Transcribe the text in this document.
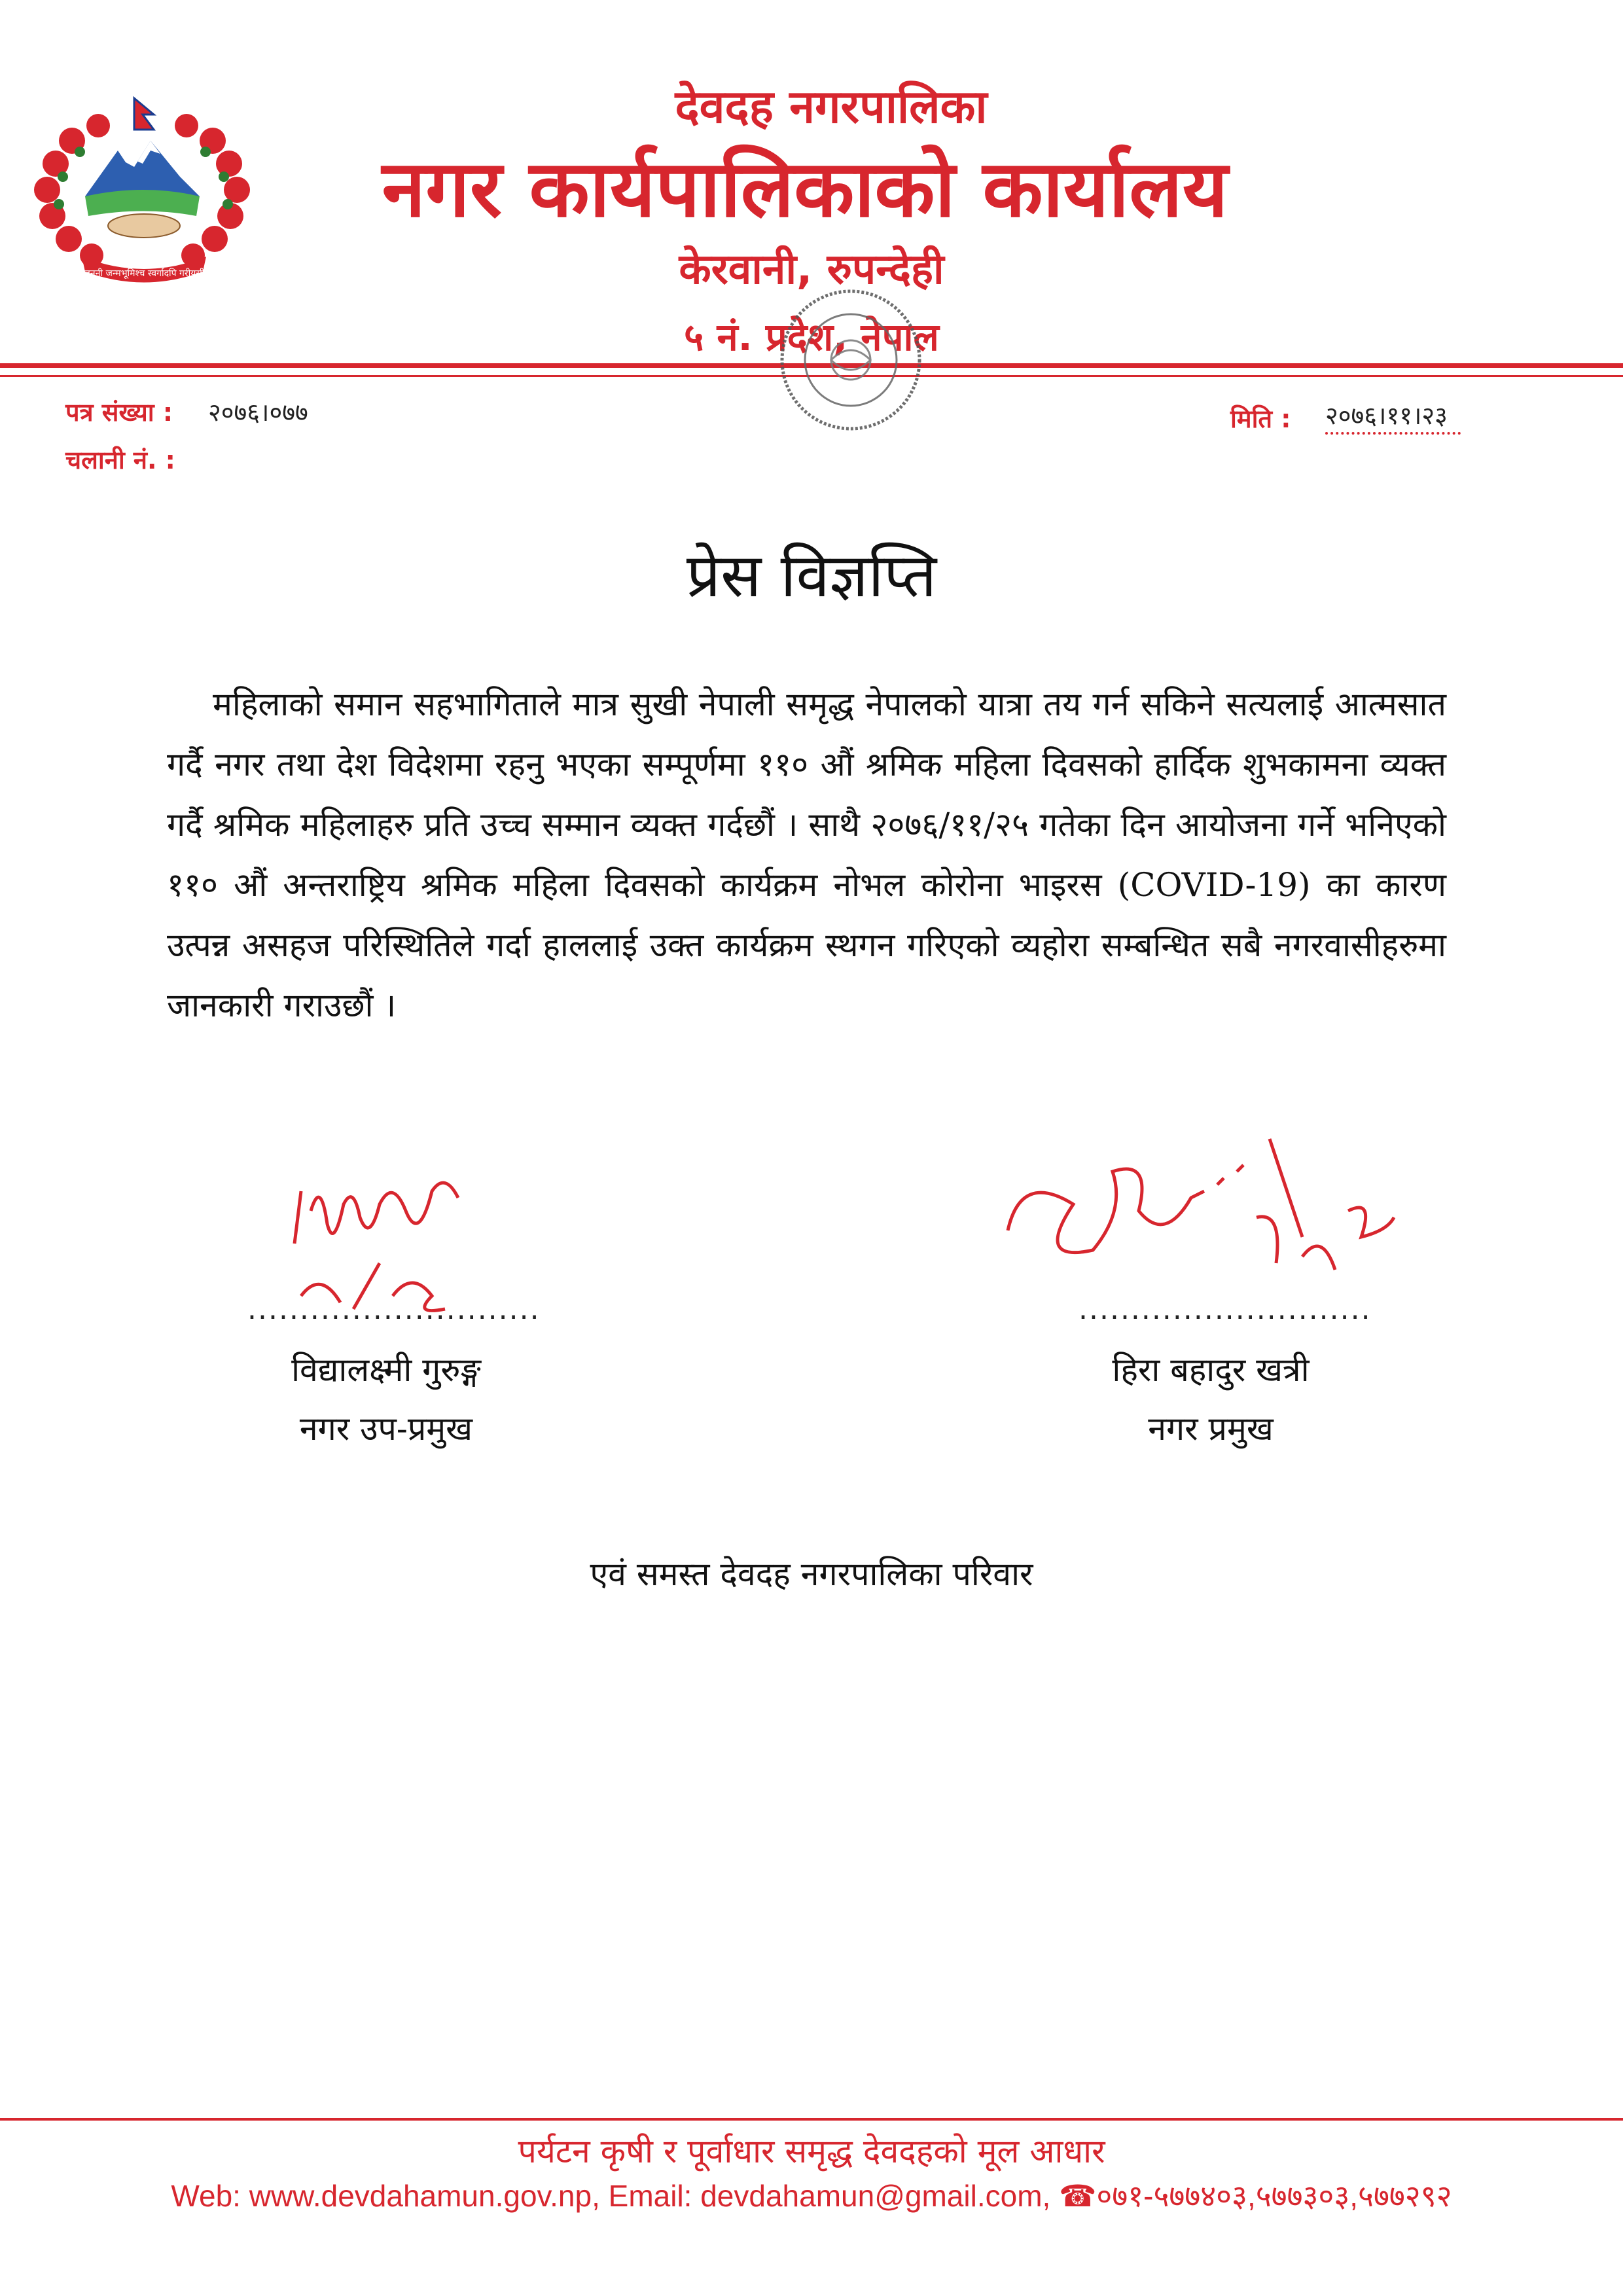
जननी जन्मभूमिश्च स्वर्गादपि गरीयसी
देवदह नगरपालिका
नगर कार्यपालिकाको कार्यालय
केरवानी, रुपन्देही
५ नं. प्रदेश, नेपाल
पत्र संख्या : २०७६।०७७
चलानी नं. :
मिति : २०७६।११।२३
प्रेस विज्ञप्ति

महिलाको समान सहभागिताले मात्र सुखी नेपाली समृद्ध नेपालको यात्रा तय गर्न सकिने सत्यलाई आत्मसात गर्दै नगर तथा देश विदेशमा रहनु भएका सम्पूर्णमा ११० औं श्रमिक महिला दिवसको हार्दिक शुभकामना व्यक्त गर्दै श्रमिक महिलाहरु प्रति उच्च सम्मान व्यक्त गर्दछौं । साथै २०७६/११/२५ गतेका दिन आयोजना गर्ने भनिएको ११० औं अन्तराष्ट्रिय श्रमिक महिला दिवसको कार्यक्रम नोभल कोरोना भाइरस (COVID-19) का कारण उत्पन्न असहज परिस्थितिले गर्दा हाललाई उक्त कार्यक्रम स्थगन गरिएको व्यहोरा सम्बन्धित सबै नगरवासीहरुमा जानकारी गराउछौं ।

............................
विद्यालक्ष्मी गुरुङ्ग
नगर उप-प्रमुख
............................
हिरा बहादुर खत्री
नगर प्रमुख
एवं समस्त देवदह नगरपालिका परिवार
पर्यटन कृषी र पूर्वाधार समृद्ध देवदहको मूल आधार
Web: www.devdahamun.gov.np, Email: devdahamun@gmail.com, ☎०७१-५७७४०३,५७७३०३,५७७२९२
